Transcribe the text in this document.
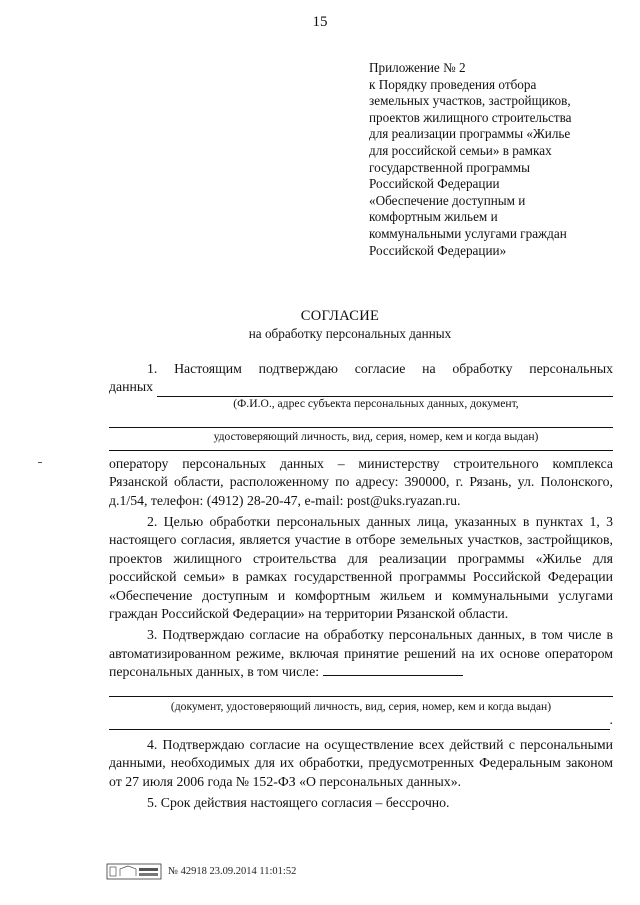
15
Приложение № 2
к Порядку проведения отбора
земельных участков, застройщиков,
проектов жилищного строительства
для реализации программы «Жилье
для российской семьи» в рамках
государственной программы
Российской Федерации
«Обеспечение доступным и
комфортным жильем и
коммунальными услугами граждан
Российской Федерации»
СОГЛАСИЕ
на обработку персональных данных
1. Настоящим подтверждаю согласие на обработку персональных
данных
(Ф.И.О., адрес субъекта персональных данных, документ,
удостоверяющий личность, вид, серия, номер, кем и когда выдан)
оператору персональных данных – министерству строительного комплекса Рязанской области, расположенному по адресу: 390000, г. Рязань, ул. Полонского, д.1/54, телефон: (4912) 28-20-47, e-mail: post@uks.ryazan.ru.
2. Целью обработки персональных данных лица, указанных в пунктах 1, 3 настоящего согласия, является участие в отборе земельных участков, застройщиков, проектов жилищного строительства для реализации программы «Жилье для российской семьи» в рамках государственной программы Российской Федерации «Обеспечение доступным и комфортным жильем и коммунальными услугами граждан Российской Федерации» на территории Рязанской области.
3. Подтверждаю согласие на обработку персональных данных, в том числе в автоматизированном режиме, включая принятие решений на их основе оператором персональных данных, в том числе:
(документ, удостоверяющий личность, вид, серия, номер, кем и когда выдан)
.
4. Подтверждаю согласие на осуществление всех действий с персональными данными, необходимых для их обработки, предусмотренных Федеральным законом от 27 июля 2006 года № 152-ФЗ «О персональных данных».
5. Срок действия настоящего согласия – бессрочно.
№ 42918 23.09.2014 11:01:52
